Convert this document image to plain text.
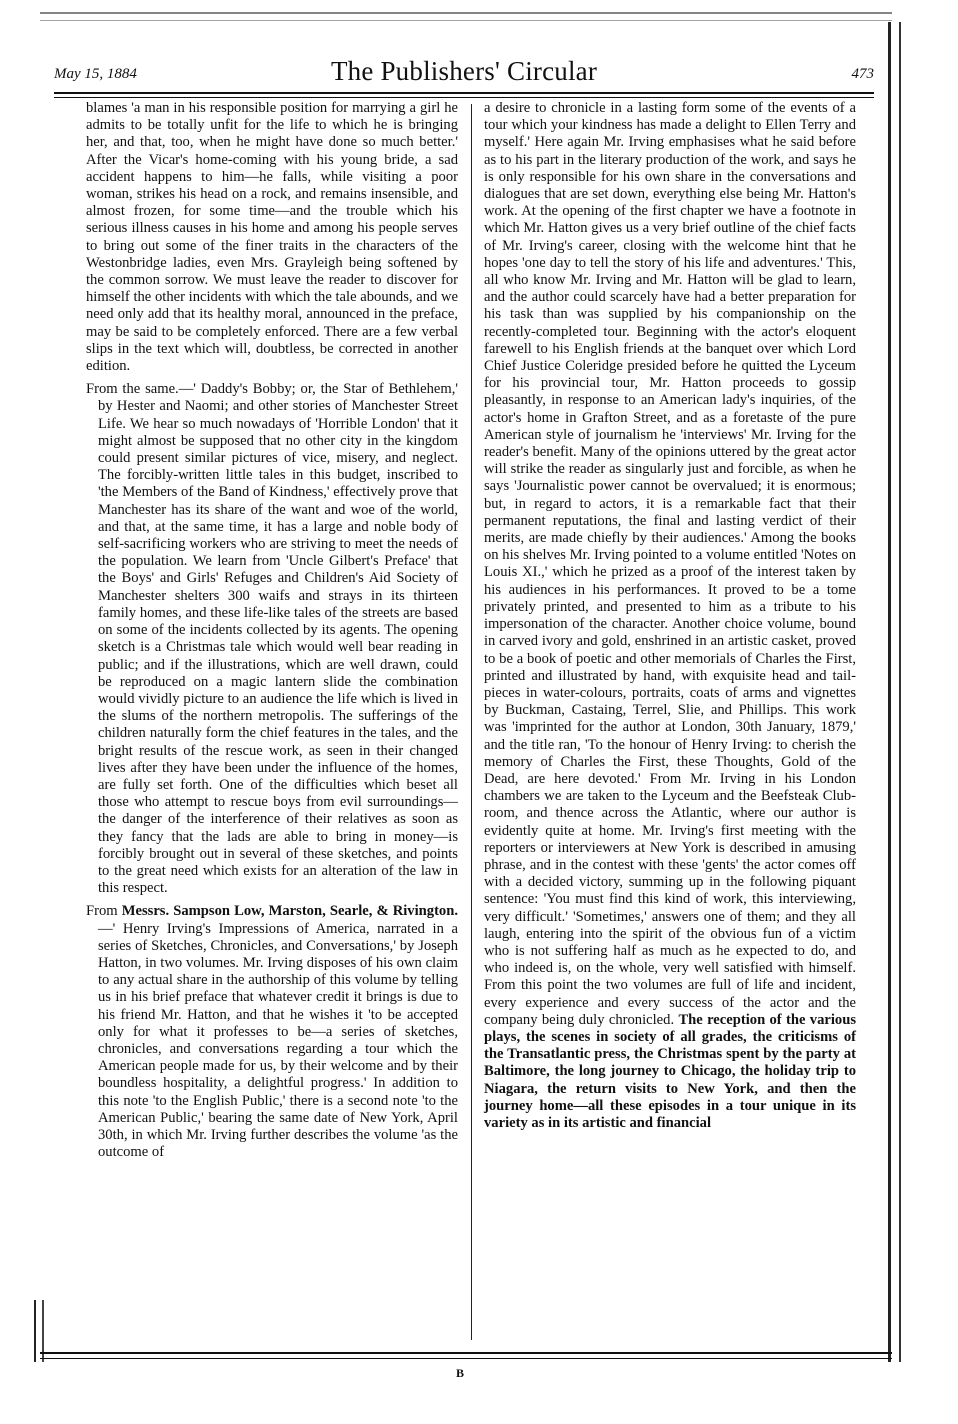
May 15, 1884	The Publishers' Circular	473

blames 'a man in his responsible position for marrying a girl he admits to be totally unfit for the life to which he is bringing her, and that, too, when he might have done so much better.' After the Vicar's home-coming with his young bride, a sad accident happens to him—he falls, while visiting a poor woman, strikes his head on a rock, and remains insensible, and almost frozen, for some time—and the trouble which his serious illness causes in his home and among his people serves to bring out some of the finer traits in the characters of the Westonbridge ladies, even Mrs. Grayleigh being softened by the common sorrow. We must leave the reader to discover for himself the other incidents with which the tale abounds, and we need only add that its healthy moral, announced in the preface, may be said to be completely enforced. There are a few verbal slips in the text which will, doubtless, be corrected in another edition.

From the same.—' Daddy's Bobby; or, the Star of Bethlehem,' by Hester and Naomi; and other stories of Manchester Street Life. We hear so much nowadays of 'Horrible London' that it might almost be supposed that no other city in the kingdom could present similar pictures of vice, misery, and neglect. The forcibly-written little tales in this budget, inscribed to 'the Members of the Band of Kindness,' effectively prove that Manchester has its share of the want and woe of the world, and that, at the same time, it has a large and noble body of self-sacrificing workers who are striving to meet the needs of the population. We learn from 'Uncle Gilbert's Preface' that the Boys' and Girls' Refuges and Children's Aid Society of Manchester shelters 300 waifs and strays in its thirteen family homes, and these life-like tales of the streets are based on some of the incidents collected by its agents. The opening sketch is a Christmas tale which would well bear reading in public; and if the illustrations, which are well drawn, could be reproduced on a magic lantern slide the combination would vividly picture to an audience the life which is lived in the slums of the northern metropolis. The sufferings of the children naturally form the chief features in the tales, and the bright results of the rescue work, as seen in their changed lives after they have been under the influence of the homes, are fully set forth. One of the difficulties which beset all those who attempt to rescue boys from evil surroundings—the danger of the interference of their relatives as soon as they fancy that the lads are able to bring in money—is forcibly brought out in several of these sketches, and points to the great need which exists for an alteration of the law in this respect.

From Messrs. Sampson Low, Marston, Searle, & Rivington.—' Henry Irving's Impressions of America, narrated in a series of Sketches, Chronicles, and Conversations,' by Joseph Hatton, in two volumes. Mr. Irving disposes of his own claim to any actual share in the authorship of this volume by telling us in his brief preface that whatever credit it brings is due to his friend Mr. Hatton, and that he wishes it 'to be accepted only for what it professes to be—a series of sketches, chronicles, and conversations regarding a tour which the American people made for us, by their welcome and by their boundless hospitality, a delightful progress.' In addition to this note 'to the English Public,' there is a second note 'to the American Public,' bearing the same date of New York, April 30th, in which Mr. Irving further describes the volume 'as the outcome of

a desire to chronicle in a lasting form some of the events of a tour which your kindness has made a delight to Ellen Terry and myself.' Here again Mr. Irving emphasises what he said before as to his part in the literary production of the work, and says he is only responsible for his own share in the conversations and dialogues that are set down, everything else being Mr. Hatton's work. At the opening of the first chapter we have a footnote in which Mr. Hatton gives us a very brief outline of the chief facts of Mr. Irving's career, closing with the welcome hint that he hopes 'one day to tell the story of his life and adventures.' This, all who know Mr. Irving and Mr. Hatton will be glad to learn, and the author could scarcely have had a better preparation for his task than was supplied by his companionship on the recently-completed tour. Beginning with the actor's eloquent farewell to his English friends at the banquet over which Lord Chief Justice Coleridge presided before he quitted the Lyceum for his provincial tour, Mr. Hatton proceeds to gossip pleasantly, in response to an American lady's inquiries, of the actor's home in Grafton Street, and as a foretaste of the pure American style of journalism he 'interviews' Mr. Irving for the reader's benefit. Many of the opinions uttered by the great actor will strike the reader as singularly just and forcible, as when he says 'Journalistic power cannot be overvalued; it is enormous; but, in regard to actors, it is a remarkable fact that their permanent reputations, the final and lasting verdict of their merits, are made chiefly by their audiences.' Among the books on his shelves Mr. Irving pointed to a volume entitled 'Notes on Louis XI.,' which he prized as a proof of the interest taken by his audiences in his performances. It proved to be a tome privately printed, and presented to him as a tribute to his impersonation of the character. Another choice volume, bound in carved ivory and gold, enshrined in an artistic casket, proved to be a book of poetic and other memorials of Charles the First, printed and illustrated by hand, with exquisite head and tail-pieces in water-colours, portraits, coats of arms and vignettes by Buckman, Castaing, Terrel, Slie, and Phillips. This work was 'imprinted for the author at London, 30th January, 1879,' and the title ran, 'To the honour of Henry Irving: to cherish the memory of Charles the First, these Thoughts, Gold of the Dead, are here devoted.' From Mr. Irving in his London chambers we are taken to the Lyceum and the Beefsteak Club-room, and thence across the Atlantic, where our author is evidently quite at home. Mr. Irving's first meeting with the reporters or interviewers at New York is described in amusing phrase, and in the contest with these 'gents' the actor comes off with a decided victory, summing up in the following piquant sentence: 'You must find this kind of work, this interviewing, very difficult.' 'Sometimes,' answers one of them; and they all laugh, entering into the spirit of the obvious fun of a victim who is not suffering half as much as he expected to do, and who indeed is, on the whole, very well satisfied with himself. From this point the two volumes are full of life and incident, every experience and every success of the actor and the company being duly chronicled. The reception of the various plays, the scenes in society of all grades, the criticisms of the Transatlantic press, the Christmas spent by the party at Baltimore, the long journey to Chicago, the holiday trip to Niagara, the return visits to New York, and then the journey home—all these episodes in a tour unique in its variety as in its artistic and financial

B
